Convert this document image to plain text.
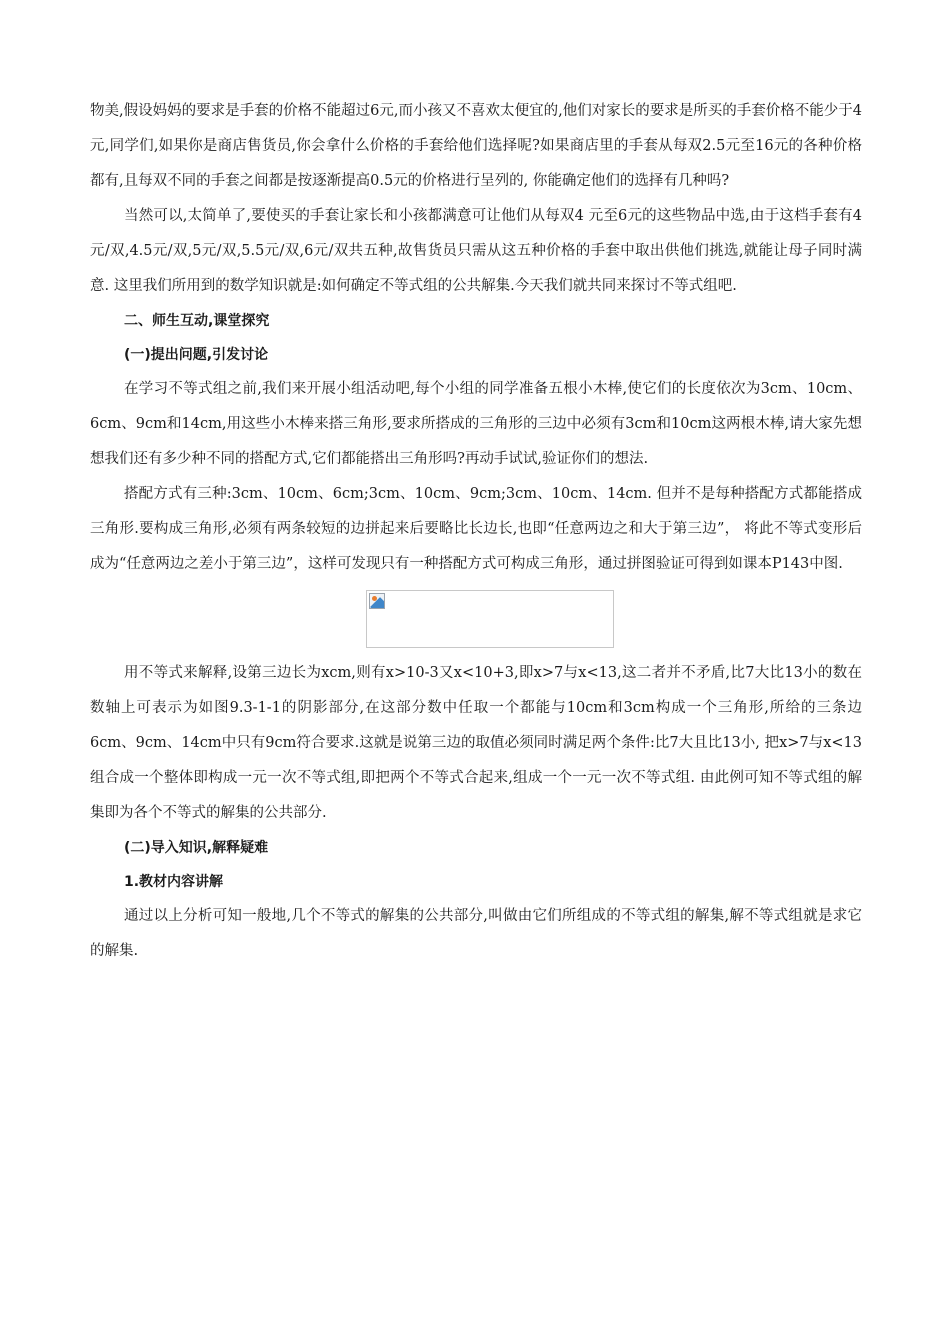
物美,假设妈妈的要求是手套的价格不能超过6元,而小孩又不喜欢太便宜的,他们对家长的要求是所买的手套价格不能少于4元,同学们,如果你是商店售货员,你会拿什么价格的手套给他们选择呢?如果商店里的手套从每双2.5元至16元的各种价格都有,且每双不同的手套之间都是按逐渐提高0.5元的价格进行呈列的, 你能确定他们的选择有几种吗?

当然可以,太简单了,要使买的手套让家长和小孩都满意可让他们从每双4 元至6元的这些物品中选,由于这档手套有4元/双,4.5元/双,5元/双,5.5元/双,6元/双共五种,故售货员只需从这五种价格的手套中取出供他们挑选,就能让母子同时满意. 这里我们所用到的数学知识就是:如何确定不等式组的公共解集.今天我们就共同来探讨不等式组吧.

二、师生互动,课堂探究

(一)提出问题,引发讨论

在学习不等式组之前,我们来开展小组活动吧,每个小组的同学准备五根小木棒,使它们的长度依次为3cm、10cm、6cm、9cm和14cm,用这些小木棒来搭三角形,要求所搭成的三角形的三边中必须有3cm和10cm这两根木棒,请大家先想想我们还有多少种不同的搭配方式,它们都能搭出三角形吗?再动手试试,验证你们的想法.

搭配方式有三种:3cm、10cm、6cm;3cm、10cm、9cm;3cm、10cm、14cm. 但并不是每种搭配方式都能搭成三角形.要构成三角形,必须有两条较短的边拼起来后要略比长边长,也即“任意两边之和大于第三边”， 将此不等式变形后成为“任意两边之差小于第三边”，这样可发现只有一种搭配方式可构成三角形，通过拼图验证可得到如课本P143中图.

用不等式来解释,设第三边长为xcm,则有x>10-3又x<10+3,即x>7与x<13,这二者并不矛盾,比7大比13小的数在数轴上可表示为如图9.3-1-1的阴影部分,在这部分数中任取一个都能与10cm和3cm构成一个三角形,所给的三条边6cm、9cm、14cm中只有9cm符合要求.这就是说第三边的取值必须同时满足两个条件:比7大且比13小, 把x>7与x<13组合成一个整体即构成一元一次不等式组,即把两个不等式合起来,组成一个一元一次不等式组. 由此例可知不等式组的解集即为各个不等式的解集的公共部分.

(二)导入知识,解释疑难

1.教材内容讲解

通过以上分析可知一般地,几个不等式的解集的公共部分,叫做由它们所组成的不等式组的解集,解不等式组就是求它的解集.
